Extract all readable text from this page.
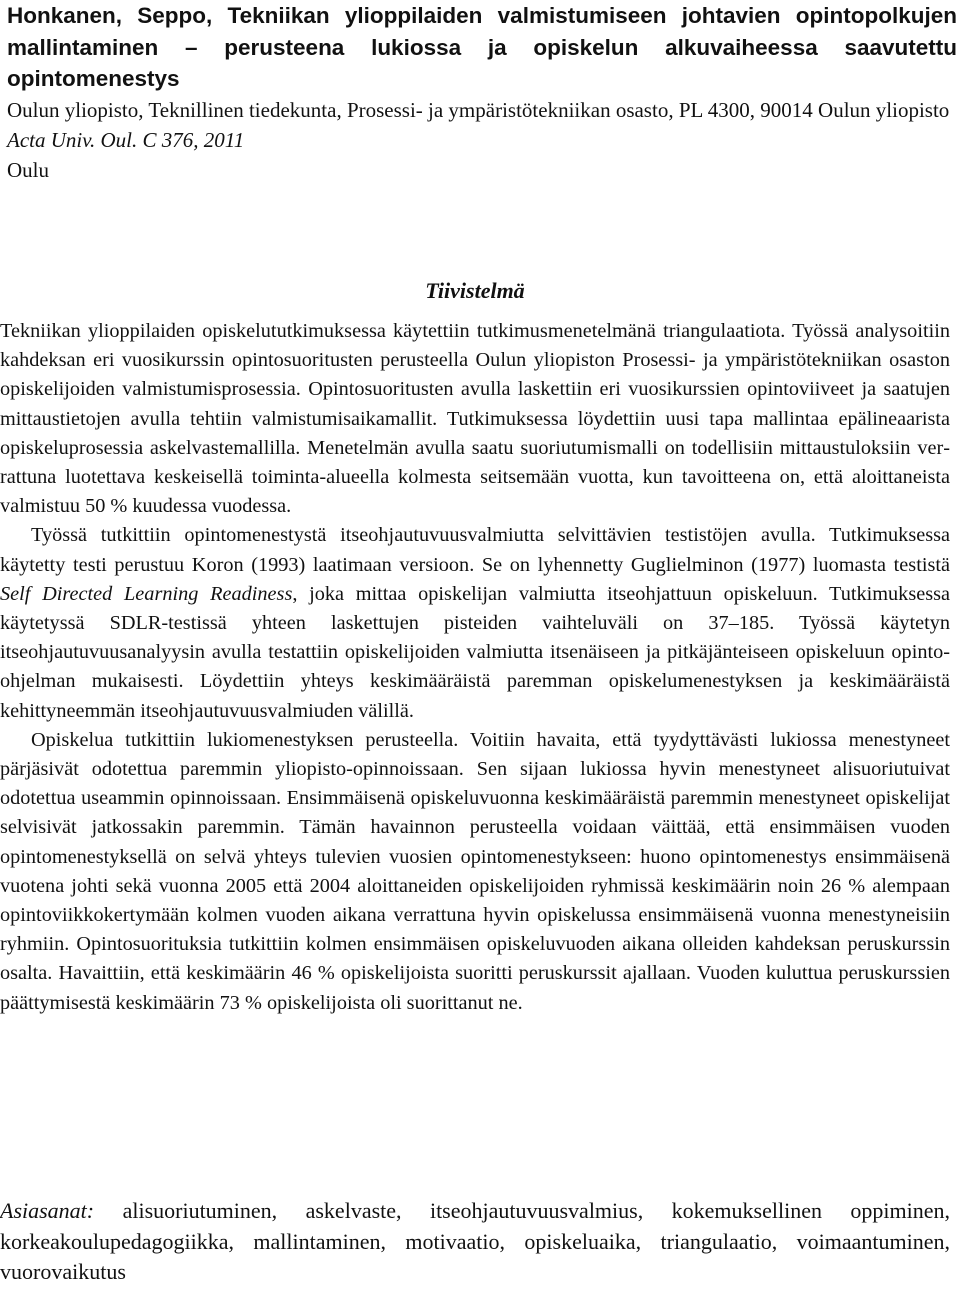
Honkanen, Seppo, Tekniikan ylioppilaiden valmistumiseen johtavien opintopolkujen mallintaminen – perusteena lukiossa ja opiskelun alkuvaiheessa saavutettu opintomenestys

Oulun yliopisto, Teknillinen tiedekunta, Prosessi- ja ympäristötekniikan osasto, PL 4300, 90014 Oulun yliopisto

Acta Univ. Oul. C 376, 2011

Oulu

Tiivistelmä

Tekniikan ylioppilaiden opiskelututkimuksessa käytettiin tutkimusmenetelmänä triangulaatiota. Työssä analysoitiin kahdeksan eri vuosikurssin opintosuoritusten perusteella Oulun yliopiston Prosessi- ja ympäristötekniikan osaston opiskelijoiden valmistumisprosessia. Opintosuoritusten avulla laskettiin eri vuosikurssien opintoviiveet ja saatujen mittaustietojen avulla tehtiin valmistumisaikamallit. Tutkimuksessa löydettiin uusi tapa mallintaa epälineaarista opiskeluprosessia askelvastemallilla. Menetelmän avulla saatu suoriutumismalli on todellisiin mittaustuloksiin verrattuna luotettava keskeisellä toiminta-alueella kolmesta seitsemään vuotta, kun tavoitteena on, että aloittaneista valmistuu 50 % kuudessa vuodessa.

Työssä tutkittiin opintomenestystä itseohjautuvuusvalmiutta selvittävien testistöjen avulla. Tutkimuksessa käytetty testi perustuu Koron (1993) laatimaan versioon. Se on lyhennetty Guglielminon (1977) luomasta testistä Self Directed Learning Readiness, joka mittaa opiskelijan valmiutta itseohjattuun opiskeluun. Tutkimuksessa käytetyssä SDLR-testissä yhteen laskettujen pisteiden vaihteluväli on 37–185. Työssä käytetyn itseohjautuvuusanalyysin avulla testattiin opiskelijoiden valmiutta itsenäiseen ja pitkäjänteiseen opiskeluun opinto-ohjelman mukaisesti. Löydettiin yhteys keskimääräistä paremman opiskelumenestyksen ja keskimääräistä kehittyneemmän itseohjautuvuusvalmiuden välillä.

Opiskelua tutkittiin lukiomenestyksen perusteella. Voitiin havaita, että tyydyttävästi lukiossa menestyneet pärjäsivät odotettua paremmin yliopisto-opinnoissaan. Sen sijaan lukiossa hyvin menestyneet alisuoriutuivat odotettua useammin opinnoissaan. Ensimmäisenä opiskeluvuonna keskimääräistä paremmin menestyneet opiskelijat selvisivät jatkossakin paremmin. Tämän havainnon perusteella voidaan väittää, että ensimmäisen vuoden opintomenestyksellä on selvä yhteys tulevien vuosien opintomenestykseen: huono opintomenestys ensimmäisenä vuotena johti sekä vuonna 2005 että 2004 aloittaneiden opiskelijoiden ryhmissä keskimäärin noin 26 % alempaan opintoviikkokertymään kolmen vuoden aikana verrattuna hyvin opiskelussa ensimmäisenä vuonna menestyneisiin ryhmiin. Opintosuorituksia tutkittiin kolmen ensimmäisen opiskeluvuoden aikana olleiden kahdeksan peruskurssin osalta. Havaittiin, että keskimäärin 46 % opiskelijoista suoritti peruskurssit ajallaan. Vuoden kuluttua peruskurssien päättymisestä keskimäärin 73 % opiskelijoista oli suorittanut ne.

Asiasanat: alisuoriutuminen, askelvaste, itseohjautuvuusvalmius, kokemuksellinen oppiminen, korkeakoulupedagogiikka, mallintaminen, motivaatio, opiskeluaika, triangulaatio, voimaantuminen, vuorovaikutus
